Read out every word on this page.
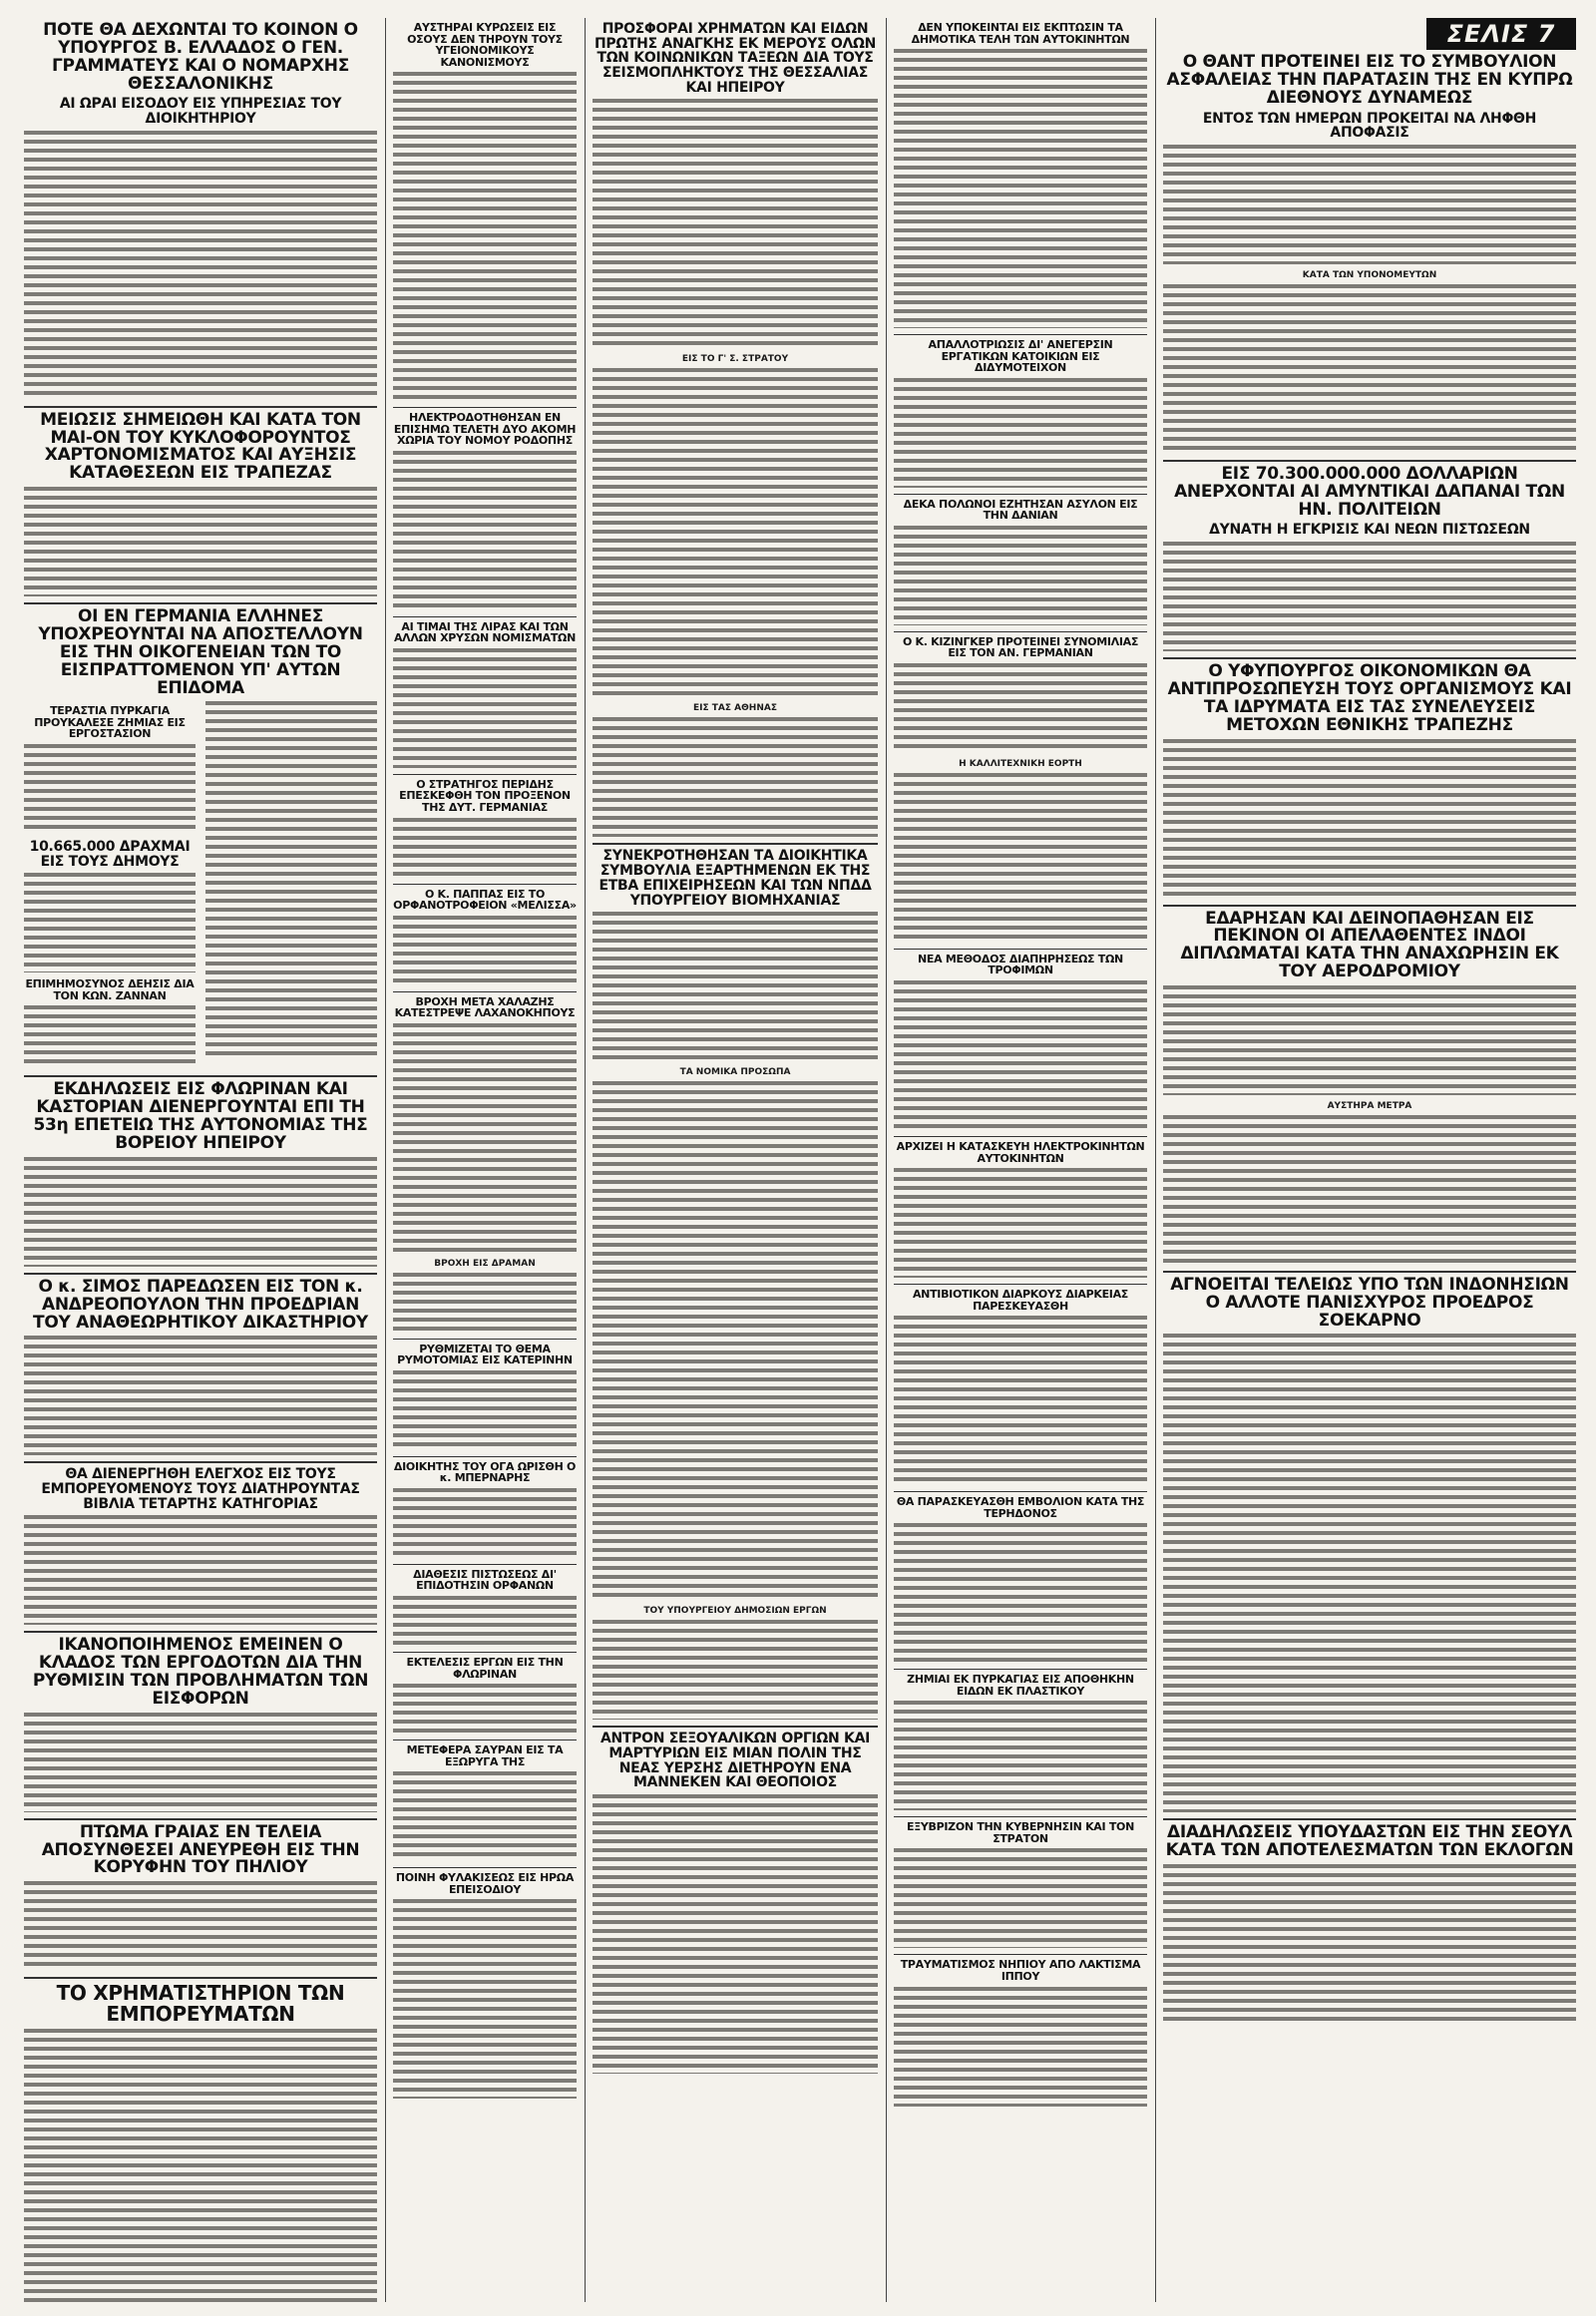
ΠΟΤΕ ΘΑ ΔΕΧΩΝΤΑΙ ΤΟ ΚΟΙΝΟΝ Ο ΥΠΟΥΡΓΟΣ Β. ΕΛΛΑΔΟΣ Ο ΓΕΝ. ΓΡΑΜΜΑΤΕΥΣ ΚΑΙ Ο ΝΟΜΑΡΧΗΣ ΘΕΣΣΑΛΟΝΙΚΗΣ
ΑΙ ΩΡΑΙ ΕΙΣΟΔΟΥ ΕΙΣ ΥΠΗΡΕΣΙΑΣ ΤΟΥ ΔΙΟΙΚΗΤΗΡΙΟΥ
ΜΕΙΩΣΙΣ ΣΗΜΕΙΩΘΗ ΚΑΙ ΚΑΤΑ ΤΟΝ ΜΑΙ-ΟΝ ΤΟΥ ΚΥΚΛΟΦΟΡΟΥΝΤΟΣ ΧΑΡΤΟΝΟΜΙΣΜΑΤΟΣ ΚΑΙ ΑΥΞΗΣΙΣ ΚΑΤΑΘΕΣΕΩΝ ΕΙΣ ΤΡΑΠΕΖΑΣ
ΟΙ ΕΝ ΓΕΡΜΑΝΙΑ ΕΛΛΗΝΕΣ ΥΠΟΧΡΕΟΥΝΤΑΙ ΝΑ ΑΠΟΣΤΕΛΛΟΥΝ ΕΙΣ ΤΗΝ ΟΙΚΟΓΕΝΕΙΑΝ ΤΩΝ ΤΟ ΕΙΣΠΡΑΤΤΟΜΕΝΟΝ ΥΠ' ΑΥΤΩΝ ΕΠΙΔΟΜΑ
ΤΕΡΑΣΤΙΑ ΠΥΡΚΑΓΙΑ ΠΡΟΥΚΑΛΕΣΕ ΖΗΜΙΑΣ ΕΙΣ ΕΡΓΟΣΤΑΣΙΟΝ
10.665.000 ΔΡΑΧΜΑΙ ΕΙΣ ΤΟΥΣ ΔΗΜΟΥΣ
ΕΠΙΜΗΜΟΣΥΝΟΣ ΔΕΗΣΙΣ ΔΙΑ ΤΟΝ ΚΩΝ. ΖΑΝΝΑΝ
ΕΚΔΗΛΩΣΕΙΣ ΕΙΣ ΦΛΩΡΙΝΑΝ ΚΑΙ ΚΑΣΤΟΡΙΑΝ ΔΙΕΝΕΡΓΟΥΝΤΑΙ ΕΠΙ ΤΗ 53η ΕΠΕΤΕΙΩ ΤΗΣ ΑΥΤΟΝΟΜΙΑΣ ΤΗΣ ΒΟΡΕΙΟΥ ΗΠΕΙΡΟΥ
Ο κ. ΣΙΜΟΣ ΠΑΡΕΔΩΣΕΝ ΕΙΣ ΤΟΝ κ. ΑΝΔΡΕΟΠΟΥΛΟΝ ΤΗΝ ΠΡΟΕΔΡΙΑΝ ΤΟΥ ΑΝΑΘΕΩΡΗΤΙΚΟΥ ΔΙΚΑΣΤΗΡΙΟΥ
ΘΑ ΔΙΕΝΕΡΓΗΘΗ ΕΛΕΓΧΟΣ ΕΙΣ ΤΟΥΣ ΕΜΠΟΡΕΥΟΜΕΝΟΥΣ ΤΟΥΣ ΔΙΑΤΗΡΟΥΝΤΑΣ ΒΙΒΛΙΑ ΤΕΤΑΡΤΗΣ ΚΑΤΗΓΟΡΙΑΣ
ΙΚΑΝΟΠΟΙΗΜΕΝΟΣ ΕΜΕΙΝΕΝ Ο ΚΛΑΔΟΣ ΤΩΝ ΕΡΓΟΔΟΤΩΝ ΔΙΑ ΤΗΝ ΡΥΘΜΙΣΙΝ ΤΩΝ ΠΡΟΒΛΗΜΑΤΩΝ ΤΩΝ ΕΙΣΦΟΡΩΝ
ΠΤΩΜΑ ΓΡΑΙΑΣ ΕΝ ΤΕΛΕΙΑ ΑΠΟΣΥΝΘΕΣΕΙ ΑΝΕΥΡΕΘΗ ΕΙΣ ΤΗΝ ΚΟΡΥΦΗΝ ΤΟΥ ΠΗΛΙΟΥ
ΤΟ ΧΡΗΜΑΤΙΣΤΗΡΙΟΝ ΤΩΝ ΕΜΠΟΡΕΥΜΑΤΩΝ
ΑΥΣΤΗΡΑΙ ΚΥΡΩΣΕΙΣ ΕΙΣ ΟΣΟΥΣ ΔΕΝ ΤΗΡΟΥΝ ΤΟΥΣ ΥΓΕΙΟΝΟΜΙΚΟΥΣ ΚΑΝΟΝΙΣΜΟΥΣ
ΗΛΕΚΤΡΟΔΟΤΗΘΗΣΑΝ ΕΝ ΕΠΙΣΗΜΩ ΤΕΛΕΤΗ ΔΥΟ ΑΚΟΜΗ ΧΩΡΙΑ ΤΟΥ ΝΟΜΟΥ ΡΟΔΟΠΗΣ
ΑΙ ΤΙΜΑΙ ΤΗΣ ΛΙΡΑΣ ΚΑΙ ΤΩΝ ΑΛΛΩΝ ΧΡΥΣΩΝ ΝΟΜΙΣΜΑΤΩΝ
Ο ΣΤΡΑΤΗΓΟΣ ΠΕΡΙΔΗΣ ΕΠΕΣΚΕΦΘΗ ΤΟΝ ΠΡΟΞΕΝΟΝ ΤΗΣ ΔΥΤ. ΓΕΡΜΑΝΙΑΣ
Ο Κ. ΠΑΠΠΑΣ ΕΙΣ ΤΟ ΟΡΦΑΝΟΤΡΟΦΕΙΟΝ «ΜΕΛΙΣΣΑ»
ΒΡΟΧΗ ΜΕΤΑ ΧΑΛΑΖΗΣ ΚΑΤΕΣΤΡΕΨΕ ΛΑΧΑΝΟΚΗΠΟΥΣ
ΒΡΟΧΗ ΕΙΣ ΔΡΑΜΑΝ
ΡΥΘΜΙΖΕΤΑΙ ΤΟ ΘΕΜΑ ΡΥΜΟΤΟΜΙΑΣ ΕΙΣ ΚΑΤΕΡΙΝΗΝ
ΔΙΟΙΚΗΤΗΣ ΤΟΥ ΟΓΑ ΩΡΙΣΘΗ Ο κ. ΜΠΕΡΝΑΡΗΣ
ΔΙΑΘΕΣΙΣ ΠΙΣΤΩΣΕΩΣ ΔΙ' ΕΠΙΔΟΤΗΣΙΝ ΟΡΦΑΝΩΝ
ΕΚΤΕΛΕΣΙΣ ΕΡΓΩΝ ΕΙΣ ΤΗΝ ΦΛΩΡΙΝΑΝ
ΜΕΤΕΦΕΡΑ ΣΑΥΡΑΝ ΕΙΣ ΤΑ ΕΞΩΡΥΓΑ ΤΗΣ
ΠΟΙΝΗ ΦΥΛΑΚΙΣΕΩΣ ΕΙΣ ΗΡΩΑ ΕΠΕΙΣΟΔΙΟΥ
ΠΡΟΣΦΟΡΑΙ ΧΡΗΜΑΤΩΝ ΚΑΙ ΕΙΔΩΝ ΠΡΩΤΗΣ ΑΝΑΓΚΗΣ ΕΚ ΜΕΡΟΥΣ ΟΛΩΝ ΤΩΝ ΚΟΙΝΩΝΙΚΩΝ ΤΑΞΕΩΝ ΔΙΑ ΤΟΥΣ ΣΕΙΣΜΟΠΛΗΚΤΟΥΣ ΤΗΣ ΘΕΣΣΑΛΙΑΣ ΚΑΙ ΗΠΕΙΡΟΥ
ΕΙΣ ΤΟ Γ' Σ. ΣΤΡΑΤΟΥ
ΕΙΣ ΤΑΣ ΑΘΗΝΑΣ
ΣΥΝΕΚΡΟΤΗΘΗΣΑΝ ΤΑ ΔΙΟΙΚΗΤΙΚΑ ΣΥΜΒΟΥΛΙΑ ΕΞΑΡΤΗΜΕΝΩΝ ΕΚ ΤΗΣ ΕΤΒΑ ΕΠΙΧΕΙΡΗΣΕΩΝ ΚΑΙ ΤΩΝ ΝΠΔΔ ΥΠΟΥΡΓΕΙΟΥ ΒΙΟΜΗΧΑΝΙΑΣ
ΤΑ ΝΟΜΙΚΑ ΠΡΟΣΩΠΑ
ΤΟΥ ΥΠΟΥΡΓΕΙΟΥ ΔΗΜΟΣΙΩΝ ΕΡΓΩΝ
ΑΝΤΡΟΝ ΣΕΞΟΥΑΛΙΚΩΝ ΟΡΓΙΩΝ ΚΑΙ ΜΑΡΤΥΡΙΩΝ ΕΙΣ ΜΙΑΝ ΠΟΛΙΝ ΤΗΣ ΝΕΑΣ ΥΕΡΣΗΣ ΔΙΕΤΗΡΟΥΝ ΕΝΑ ΜΑΝΝΕΚΕΝ ΚΑΙ ΘΕΟΠΟΙΟΣ
ΔΕΝ ΥΠΟΚΕΙΝΤΑΙ ΕΙΣ ΕΚΠΤΩΣΙΝ ΤΑ ΔΗΜΟΤΙΚΑ ΤΕΛΗ ΤΩΝ ΑΥΤΟΚΙΝΗΤΩΝ
ΑΠΑΛΛΟΤΡΙΩΣΙΣ ΔΙ' ΑΝΕΓΕΡΣΙΝ ΕΡΓΑΤΙΚΩΝ ΚΑΤΟΙΚΙΩΝ ΕΙΣ ΔΙΔΥΜΟΤΕΙΧΟΝ
ΔΕΚΑ ΠΟΛΩΝΟΙ ΕΖΗΤΗΣΑΝ ΑΣΥΛΟΝ ΕΙΣ ΤΗΝ ΔΑΝΙΑΝ
Ο Κ. ΚΙΖΙΝΓΚΕΡ ΠΡΟΤΕΙΝΕΙ ΣΥΝΟΜΙΛΙΑΣ ΕΙΣ ΤΟΝ ΑΝ. ΓΕΡΜΑΝΙΑΝ
Η ΚΑΛΛΙΤΕΧΝΙΚΗ ΕΟΡΤΗ
ΝΕΑ ΜΕΘΟΔΟΣ ΔΙΑΠΗΡΗΣΕΩΣ ΤΩΝ ΤΡΟΦΙΜΩΝ
ΑΡΧΙΖΕΙ Η ΚΑΤΑΣΚΕΥΗ ΗΛΕΚΤΡΟΚΙΝΗΤΩΝ ΑΥΤΟΚΙΝΗΤΩΝ
ΑΝΤΙΒΙΟΤΙΚΟΝ ΔΙΑΡΚΟΥΣ ΔΙΑΡΚΕΙΑΣ ΠΑΡΕΣΚΕΥΑΣΘΗ
ΘΑ ΠΑΡΑΣΚΕΥΑΣΘΗ ΕΜΒΟΛΙΟΝ ΚΑΤΑ ΤΗΣ ΤΕΡΗΔΟΝΟΣ
ΖΗΜΙΑΙ ΕΚ ΠΥΡΚΑΓΙΑΣ ΕΙΣ ΑΠΟΘΗΚΗΝ ΕΙΔΩΝ ΕΚ ΠΛΑΣΤΙΚΟΥ
ΕΞΥΒΡΙΖΟΝ ΤΗΝ ΚΥΒΕΡΝΗΣΙΝ ΚΑΙ ΤΟΝ ΣΤΡΑΤΟΝ
ΤΡΑΥΜΑΤΙΣΜΟΣ ΝΗΠΙΟΥ ΑΠΟ ΛΑΚΤΙΣΜΑ ΙΠΠΟΥ
ΣΕΛΙΣ 7
Ο ΘΑΝΤ ΠΡΟΤΕΙΝΕΙ ΕΙΣ ΤΟ ΣΥΜΒΟΥΛΙΟΝ ΑΣΦΑΛΕΙΑΣ ΤΗΝ ΠΑΡΑΤΑΣΙΝ ΤΗΣ ΕΝ ΚΥΠΡΩ ΔΙΕΘΝΟΥΣ ΔΥΝΑΜΕΩΣ
ΕΝΤΟΣ ΤΩΝ ΗΜΕΡΩΝ ΠΡΟΚΕΙΤΑΙ ΝΑ ΛΗΦΘΗ ΑΠΟΦΑΣΙΣ
ΚΑΤΑ ΤΩΝ ΥΠΟΝΟΜΕΥΤΩΝ
ΕΙΣ 70.300.000.000 ΔΟΛΛΑΡΙΩΝ ΑΝΕΡΧΟΝΤΑΙ ΑΙ ΑΜΥΝΤΙΚΑΙ ΔΑΠΑΝΑΙ ΤΩΝ ΗΝ. ΠΟΛΙΤΕΙΩΝ
ΔΥΝΑΤΗ Η ΕΓΚΡΙΣΙΣ ΚΑΙ ΝΕΩΝ ΠΙΣΤΩΣΕΩΝ
Ο ΥΦΥΠΟΥΡΓΟΣ ΟΙΚΟΝΟΜΙΚΩΝ ΘΑ ΑΝΤΙΠΡΟΣΩΠΕΥΣΗ ΤΟΥΣ ΟΡΓΑΝΙΣΜΟΥΣ ΚΑΙ ΤΑ ΙΔΡΥΜΑΤΑ ΕΙΣ ΤΑΣ ΣΥΝΕΛΕΥΣΕΙΣ ΜΕΤΟΧΩΝ ΕΘΝΙΚΗΣ ΤΡΑΠΕΖΗΣ
ΕΔΑΡΗΣΑΝ ΚΑΙ ΔΕΙΝΟΠΑΘΗΣΑΝ ΕΙΣ ΠΕΚΙΝΟΝ ΟΙ ΑΠΕΛΑΘΕΝΤΕΣ ΙΝΔΟΙ ΔΙΠΛΩΜΑΤΑΙ ΚΑΤΑ ΤΗΝ ΑΝΑΧΩΡΗΣΙΝ ΕΚ ΤΟΥ ΑΕΡΟΔΡΟΜΙΟΥ
ΑΥΣΤΗΡΑ ΜΕΤΡΑ
ΑΓΝΟΕΙΤΑΙ ΤΕΛΕΙΩΣ ΥΠΟ ΤΩΝ ΙΝΔΟΝΗΣΙΩΝ Ο ΑΛΛΟΤΕ ΠΑΝΙΣΧΥΡΟΣ ΠΡΟΕΔΡΟΣ ΣΟΕΚΑΡΝΟ
ΔΙΑΔΗΛΩΣΕΙΣ ΥΠΟΥΔΑΣΤΩΝ ΕΙΣ ΤΗΝ ΣΕΟΥΛ ΚΑΤΑ ΤΩΝ ΑΠΟΤΕΛΕΣΜΑΤΩΝ ΤΩΝ ΕΚΛΟΓΩΝ
